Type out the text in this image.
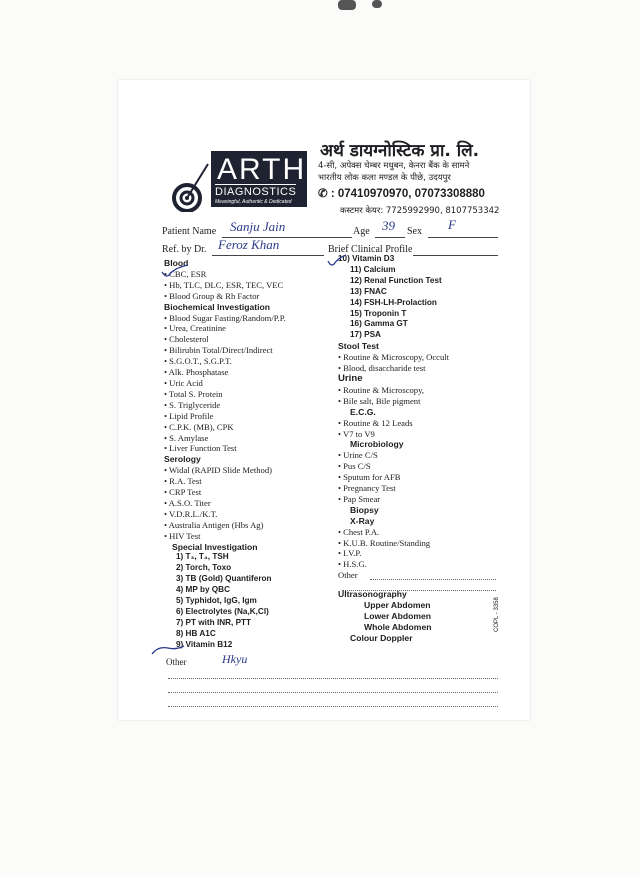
ARTH
DIAGNOSTICS
Meaningful, Authentic & Dedicated
अर्थ डायग्नोस्टिक प्रा. लि.
4-सी, अपेक्स चेम्बर मधुबन, केनरा बैंक के सामने
भारतीय लोक कला मण्डल के पीछे, उदयपुर
✆ : 07410970970, 07073308880
कस्टमर केयर: 7725992990, 8107753342
Patient Name Sanju Jain	Age 39 Sex F
Ref. by Dr. Feroz Khan	Brief Clinical Profile
Blood
• CBC, ESR
• Hb, TLC, DLC, ESR, TEC, VEC
• Blood Group & Rh Factor
Biochemical Investigation
• Blood Sugar Fasting/Random/P.P.
• Urea, Creatinine
• Cholesterol
• Bilirubin Total/Direct/Indirect
• S.G.O.T., S.G.P.T.
• Alk. Phosphatase
• Uric Acid
• Total S. Protein
• S. Triglyceride
• Lipid Profile
• C.P.K. (MB), CPK
• S. Amylase
• Liver Function Test
Serology
• Widal (RAPID Slide Method)
• R.A. Test
• CRP Test
• A.S.O. Titer
• V.D.R.L./K.T.
• Australia Antigen (Hbs Ag)
• HIV Test
Special Investigation
1) T₃, T₄, TSH
2) Torch, Toxo
3) TB (Gold) Quantiferon
4) MP by QBC
5) Typhidot, IgG, Igm
6) Electrolytes (Na,K,Cl)
7) PT with INR, PTT
8) HB A1C
9) Vitamin B12
10) Vitamin D3
11) Calcium
12) Renal Function Test
13) FNAC
14) FSH-LH-Prolaction
15) Troponin T
16) Gamma GT
17) PSA
Stool Test
• Routine & Microscopy, Occult
• Blood, disaccharide test
Urine
• Routine & Microscopy,
• Bile salt, Bile pigment
E.C.G.
• Routine & 12 Leads
• V7 to V9
Microbiology
• Urine C/S
• Pus C/S
• Sputum for AFB
• Pregnancy Test
• Pap Smear
Biopsy
X-Ray
• Chest P.A.
• K.U.B. Routine/Standing
• I.V.P.
• H.S.G.
Other
Ultrasonography
Upper Abdomen
Lower Abdomen
Whole Abdomen
Colour Doppler
Other	Hkyu
COPL - 3358
